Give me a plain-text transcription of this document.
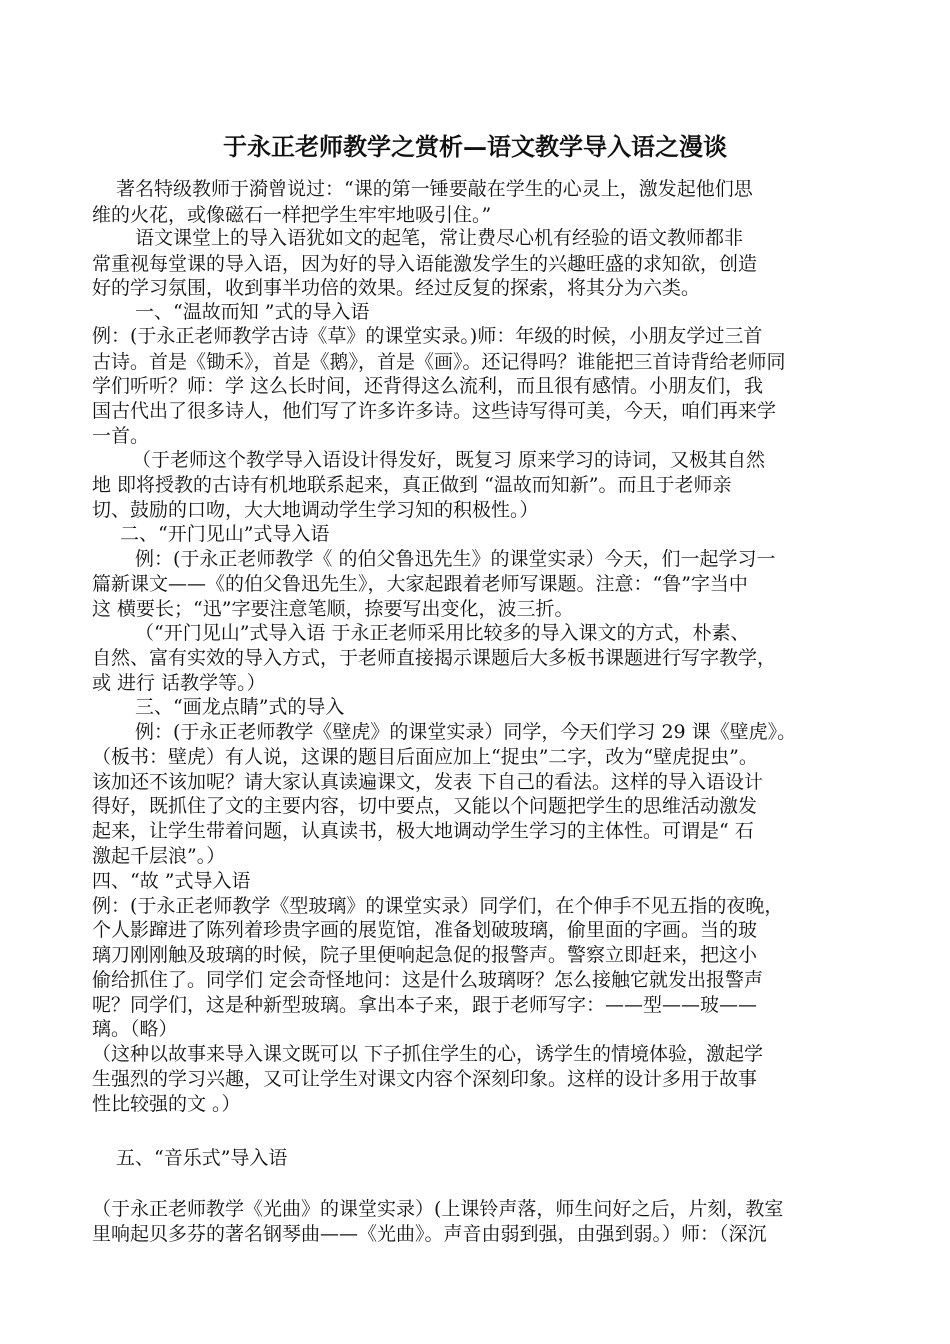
于永正老师教学之赏析—语文教学导入语之漫谈
著名特级教师于漪曾说过：“课的第一锤要敲在学生的心灵上，激发起他们思
维的火花，或像磁石一样把学生牢牢地吸引住。”
语文课堂上的导入语犹如文的起笔，常让费尽心机有经验的语文教师都非
常重视每堂课的导入语，因为好的导入语能激发学生的兴趣旺盛的求知欲，创造
好的学习氛围，收到事半功倍的效果。经过反复的探索，将其分为六类。
一、“温故而知 ”式的导入语
例：(于永正老师教学古诗《草》的课堂实录。)师：年级的时候，小朋友学过三首
古诗。首是《锄禾》，首是《鹅》，首是《画》。还记得吗？谁能把三首诗背给老师同
学们听听？师：学 这么长时间，还背得这么流利，而且很有感情。小朋友们，我
国古代出了很多诗人，他们写了许多许多诗。这些诗写得可美，今天，咱们再来学
一首。
（于老师这个教学导入语设计得发好，既复习 原来学习的诗词，又极其自然
地 即将授教的古诗有机地联系起来，真正做到 “温故而知新”。而且于老师亲
切、鼓励的口吻，大大地调动学生学习知的积极性。）
二、“开门见山”式导入语
例：(于永正老师教学《 的伯父鲁迅先生》的课堂实录）今天，们一起学习一
篇新课文——《的伯父鲁迅先生》，大家起跟着老师写课题。注意：“鲁”字当中
这 横要长；“迅”字要注意笔顺，捺要写出变化，波三折。
（“开门见山”式导入语 于永正老师采用比较多的导入课文的方式，朴素、
自然、富有实效的导入方式，于老师直接揭示课题后大多板书课题进行写字教学，
或 进行 话教学等。）
三、“画龙点睛”式的导入
例：(于永正老师教学《壁虎》的课堂实录）同学，今天们学习 29 课《壁虎》。
（板书：壁虎）有人说，这课的题目后面应加上“捉虫”二字，改为“壁虎捉虫”。
该加还不该加呢？请大家认真读遍课文，发表 下自己的看法。这样的导入语设计
得好，既抓住了文的主要内容，切中要点，又能以个问题把学生的思维活动激发
起来，让学生带着问题，认真读书，极大地调动学生学习的主体性。可谓是“ 石
激起千层浪”。）
四、“故 ”式导入语
例：(于永正老师教学《型玻璃》的课堂实录）同学们，在个伸手不见五指的夜晚，
个人影蹿进了陈列着珍贵字画的展览馆，准备划破玻璃，偷里面的字画。当的玻
璃刀刚刚触及玻璃的时候，院子里便响起急促的报警声。警察立即赶来，把这小
偷给抓住了。同学们 定会奇怪地问：这是什么玻璃呀？怎么接触它就发出报警声
呢？同学们，这是种新型玻璃。拿出本子来，跟于老师写字：——型——玻——
璃。（略）
（这种以故事来导入课文既可以 下子抓住学生的心，诱学生的情境体验，激起学
生强烈的学习兴趣，又可让学生对课文内容个深刻印象。这样的设计多用于故事
性比较强的文 。）
五、“音乐式”导入语
（于永正老师教学《光曲》的课堂实录）(上课铃声落，师生问好之后，片刻，教室
里响起贝多芬的著名钢琴曲——《光曲》。声音由弱到强，由强到弱。）师：（深沉
